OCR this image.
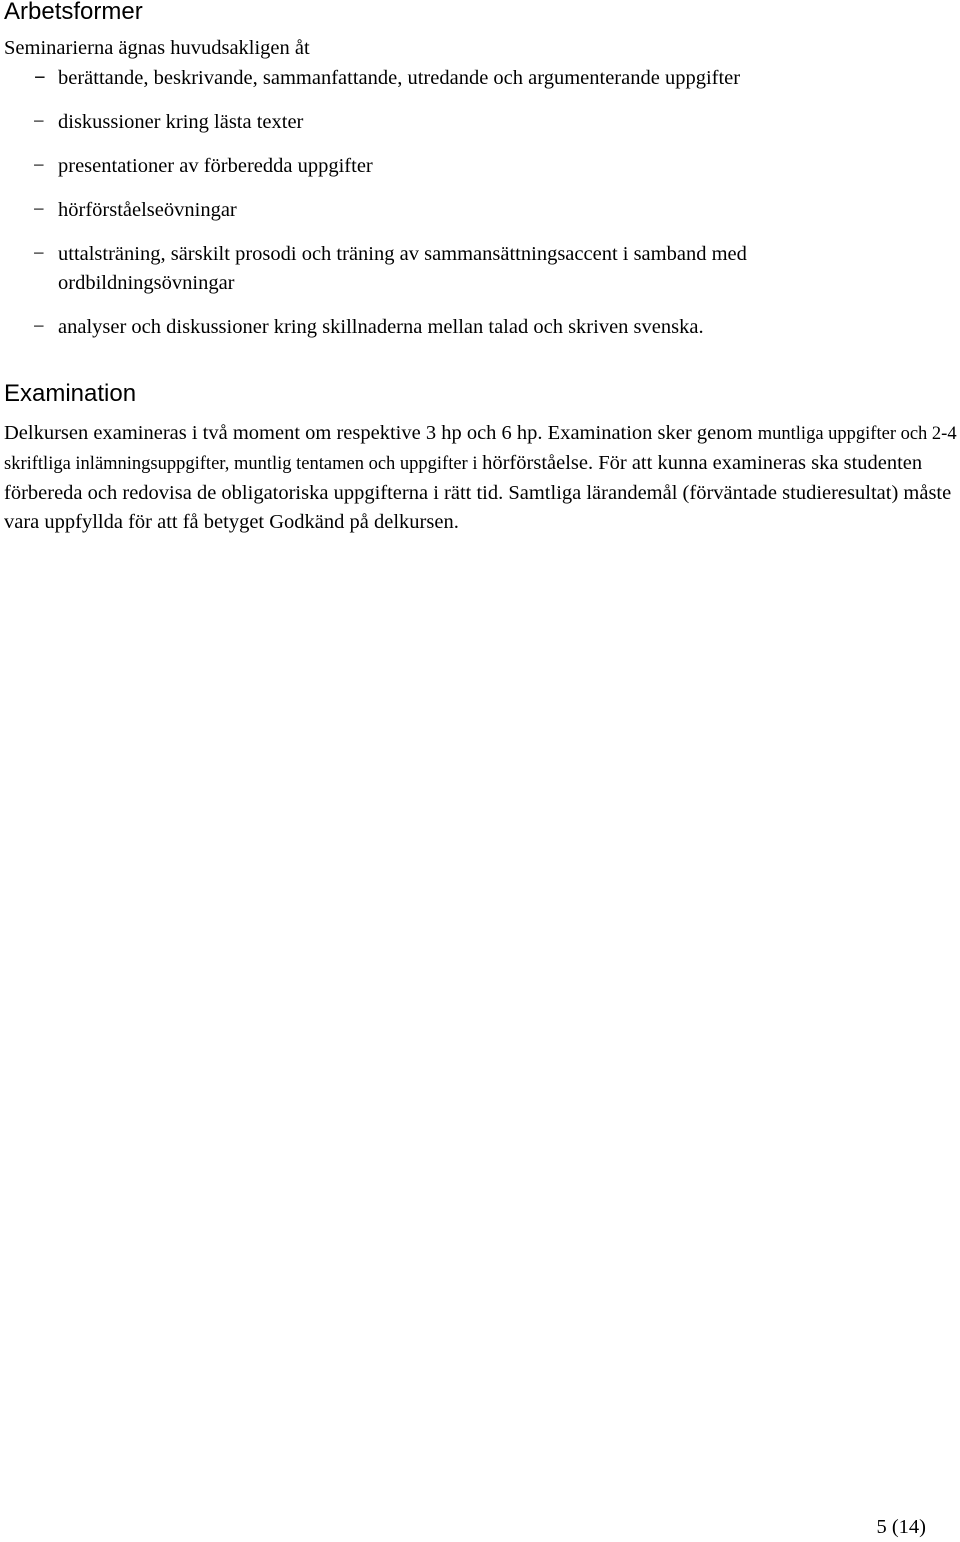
Arbetsformer

Seminarierna ägnas huvudsakligen åt

− berättande, beskrivande, sammanfattande, utredande och argumenterande uppgifter
− diskussioner kring lästa texter
− presentationer av förberedda uppgifter
− hörförståelseövningar
− uttalsträning, särskilt prosodi och träning av sammansättningsaccent i samband med ordbildningsövningar
− analyser och diskussioner kring skillnaderna mellan talad och skriven svenska.
Examination

Delkursen examineras i två moment om respektive 3 hp och 6 hp. Examination sker genom muntliga uppgifter och 2-4 skriftliga inlämningsuppgifter, muntlig tentamen och uppgifter i hörförståelse. För att kunna examineras ska studenten förbereda och redovisa de obligatoriska uppgifterna i rätt tid. Samtliga lärandemål (förväntade studieresultat) måste vara uppfyllda för att få betyget Godkänd på delkursen.

5 (14)
